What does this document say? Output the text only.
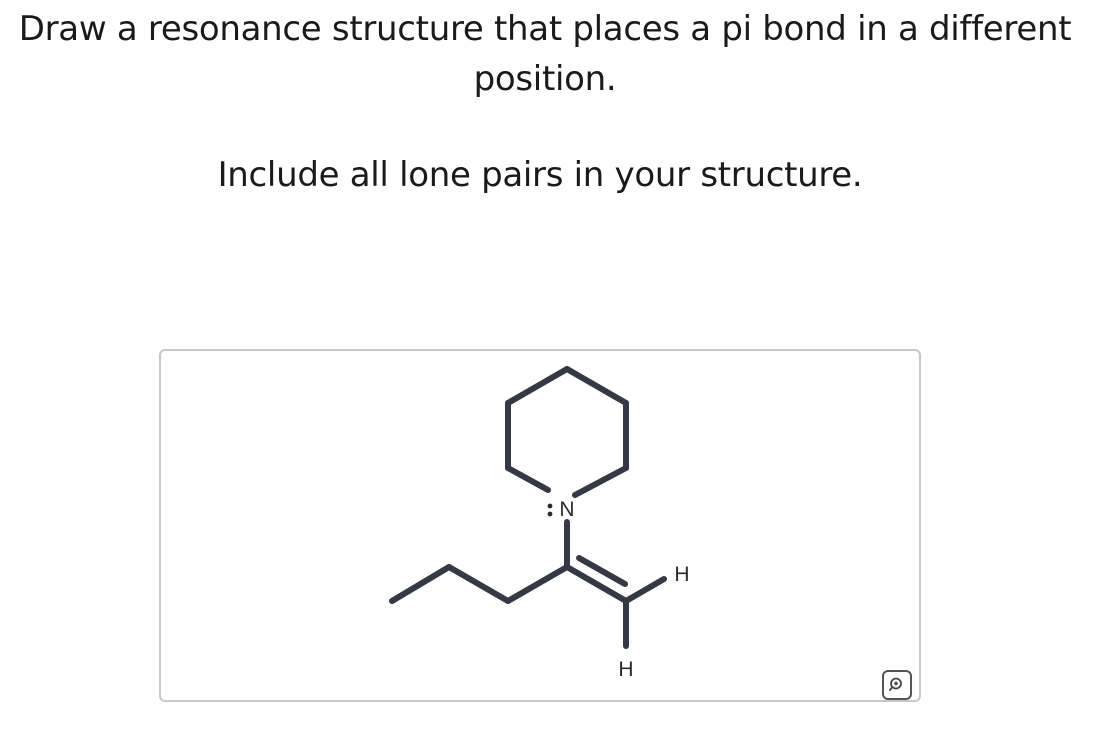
Draw a resonance structure that places a pi bond in a different
position.

Include all lone pairs in your structure.

N
H
H
